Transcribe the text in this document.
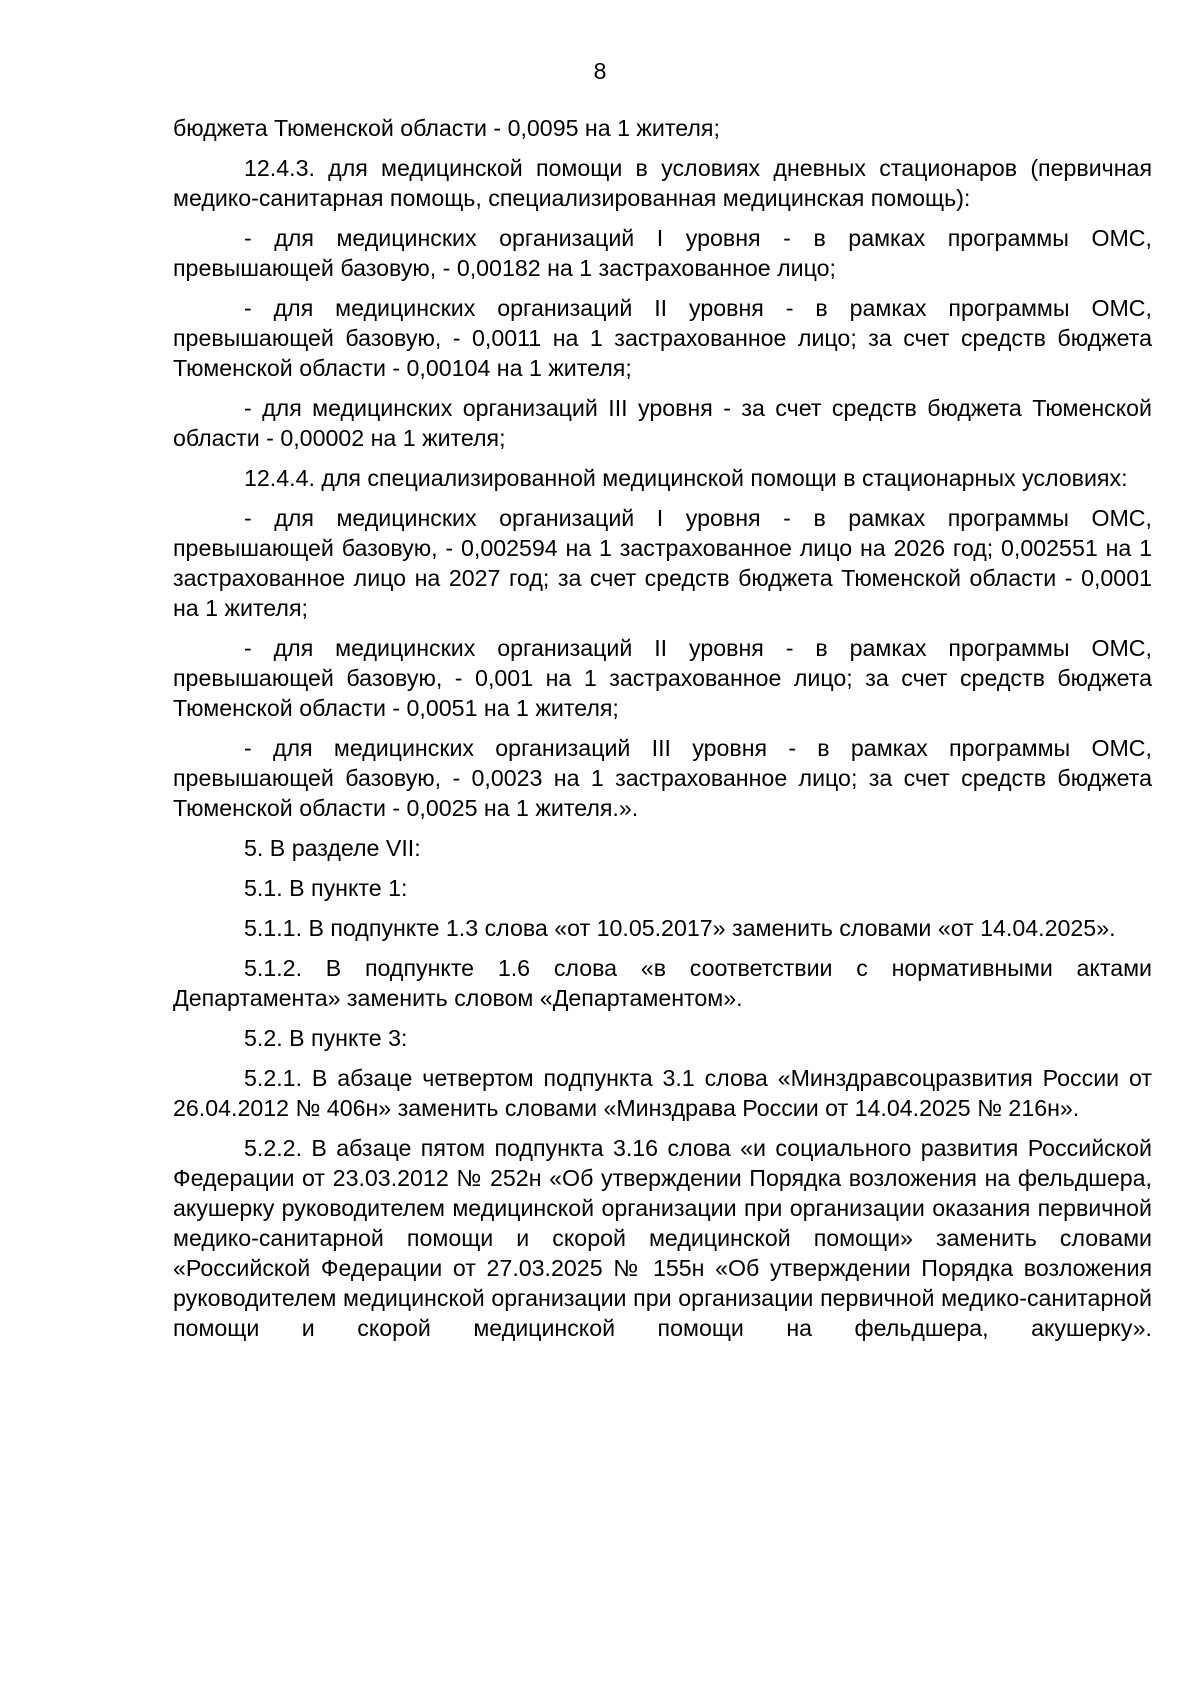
8

бюджета Тюменской области - 0,0095 на 1 жителя;

12.4.3. для медицинской помощи в условиях дневных стационаров (первичная медико-санитарная помощь, специализированная медицинская помощь):

- для медицинских организаций I уровня - в рамках программы ОМС, превышающей базовую, - 0,00182 на 1 застрахованное лицо;

- для медицинских организаций II уровня - в рамках программы ОМС, превышающей базовую, - 0,0011 на 1 застрахованное лицо; за счет средств бюджета Тюменской области - 0,00104 на 1 жителя;

- для медицинских организаций III уровня - за счет средств бюджета Тюменской области - 0,00002 на 1 жителя;

12.4.4. для специализированной медицинской помощи в стационарных условиях:

- для медицинских организаций I уровня - в рамках программы ОМС, превышающей базовую, - 0,002594 на 1 застрахованное лицо на 2026 год; 0,002551 на 1 застрахованное лицо на 2027 год; за счет средств бюджета Тюменской области - 0,0001 на 1 жителя;

- для медицинских организаций II уровня - в рамках программы ОМС, превышающей базовую, - 0,001 на 1 застрахованное лицо; за счет средств бюджета Тюменской области - 0,0051 на 1 жителя;

- для медицинских организаций III уровня - в рамках программы ОМС, превышающей базовую, - 0,0023 на 1 застрахованное лицо; за счет средств бюджета Тюменской области - 0,0025 на 1 жителя.».

5. В разделе VII:

5.1. В пункте 1:

5.1.1. В подпункте 1.3 слова «от 10.05.2017» заменить словами «от 14.04.2025».

5.1.2. В подпункте 1.6 слова «в соответствии с нормативными актами Департамента» заменить словом «Департаментом».

5.2. В пункте 3:

5.2.1. В абзаце четвертом подпункта 3.1 слова «Минздравсоцразвития России от 26.04.2012 № 406н» заменить словами «Минздрава России от 14.04.2025 № 216н».

5.2.2. В абзаце пятом подпункта 3.16 слова «и социального развития Российской Федерации от 23.03.2012 № 252н «Об утверждении Порядка возложения на фельдшера, акушерку руководителем медицинской организации при организации оказания первичной медико-санитарной помощи и скорой медицинской помощи» заменить словами «Российской Федерации от 27.03.2025 № 155н «Об утверждении Порядка возложения руководителем медицинской организации при организации первичной медико-санитарной помощи и скорой медицинской помощи на фельдшера, акушерку».
